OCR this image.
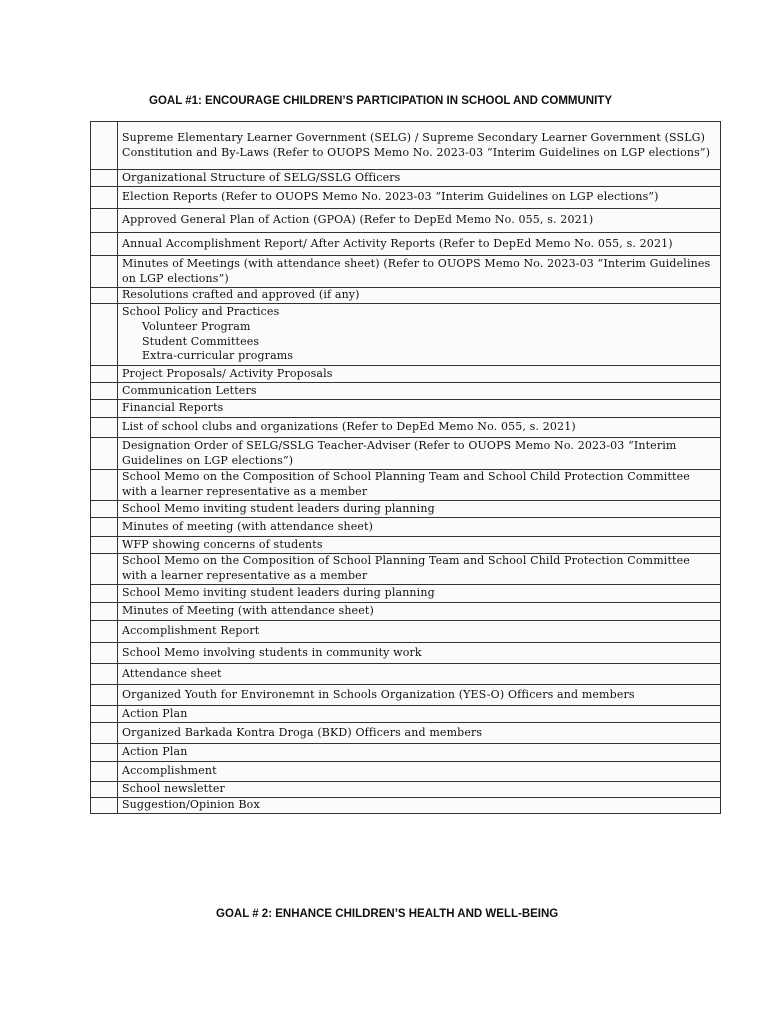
GOAL #1: ENCOURAGE CHILDREN’S PARTICIPATION IN SCHOOL AND COMMUNITY
	Supreme Elementary Learner Government (SELG) / Supreme Secondary Learner Government (SSLG) Constitution and By-Laws (Refer to OUOPS Memo No. 2023-03 “Interim Guidelines on LGP elections”)
	Organizational Structure of SELG/SSLG Officers
	Election Reports (Refer to OUOPS Memo No. 2023-03 “Interim Guidelines on LGP elections”)
	Approved General Plan of Action (GPOA) (Refer to DepEd Memo No. 055, s. 2021)
	Annual Accomplishment Report/ After Activity Reports (Refer to DepEd Memo No. 055, s. 2021)
	Minutes of Meetings (with attendance sheet) (Refer to OUOPS Memo No. 2023-03 “Interim Guidelines on LGP elections”)
	Resolutions crafted and approved (if any)

	School Policy and Practices
Volunteer Program
Student Committees
Extra-curricular programs

	Project Proposals/ Activity Proposals
	Communication Letters
	Financial Reports
	List of school clubs and organizations (Refer to DepEd Memo No. 055, s. 2021)
	Designation Order of SELG/SSLG Teacher-Adviser (Refer to OUOPS Memo No. 2023-03 “Interim Guidelines on LGP elections”)
	School Memo on the Composition of School Planning Team and School Child Protection Committee with a learner representative as a member
	School Memo inviting student leaders during planning
	Minutes of meeting (with attendance sheet)
	WFP showing concerns of students
	School Memo on the Composition of School Planning Team and School Child Protection Committee with a learner representative as a member
	School Memo inviting student leaders during planning
	Minutes of Meeting (with attendance sheet)
	Accomplishment Report
	School Memo involving students in community work
	Attendance sheet
	Organized Youth for Environemnt in Schools Organization (YES-O) Officers and members
	Action Plan
	Organized Barkada Kontra Droga (BKD) Officers and members
	Action Plan
	Accomplishment
	School newsletter
	Suggestion/Opinion Box
GOAL # 2: ENHANCE CHILDREN’S HEALTH AND WELL-BEING
